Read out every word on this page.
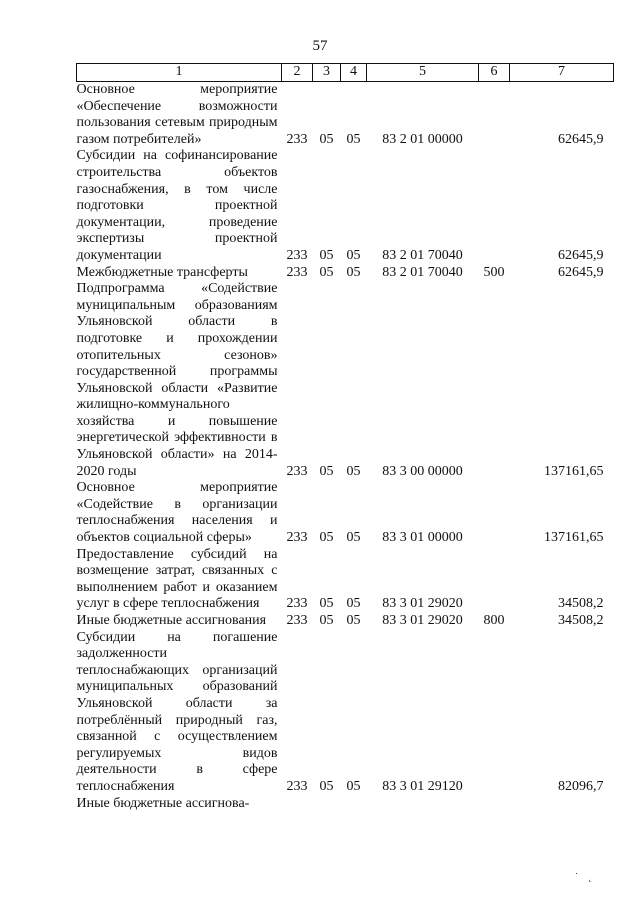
57
1	2	3	4	5	6	7
Основное мероприятие «Обеспечение возможности пользования сетевым природным газом потребителей»	233	05	05	83 2 01 00000		62645,9
Субсидии на софинансирование строительства объектов газоснабжения, в том числе подготовки проектной документации, проведение экспертизы проектной документации	233	05	05	83 2 01 70040		62645,9
Межбюджетные трансферты	233	05	05	83 2 01 70040	500	62645,9
Подпрограмма «Содействие муниципальным образованиям Ульяновской области в подготовке и прохождении отопительных сезонов» государственной программы Ульяновской области «Развитие жилищно-коммунального хозяйства и повышение энергетической эффективности в Ульяновской области» на 2014-2020 годы	233	05	05	83 3 00 00000		137161,65
Основное мероприятие «Содействие в организации теплоснабжения населения и объектов социальной сферы»	233	05	05	83 3 01 00000		137161,65
Предоставление субсидий на возмещение затрат, связанных с выполнением работ и оказанием услуг в сфере теплоснабжения	233	05	05	83 3 01 29020		34508,2
Иные бюджетные ассигнования	233	05	05	83 3 01 29020	800	34508,2
Субсидии на погашение задолженности теплоснабжающих организаций муниципальных образований Ульяновской области за потреблённый природный газ, связанной с осуществлением регулируемых видов деятельности в сфере теплоснабжения	233	05	05	83 3 01 29120		82096,7
Иные бюджетные ассигнова-						
˙ ˛
